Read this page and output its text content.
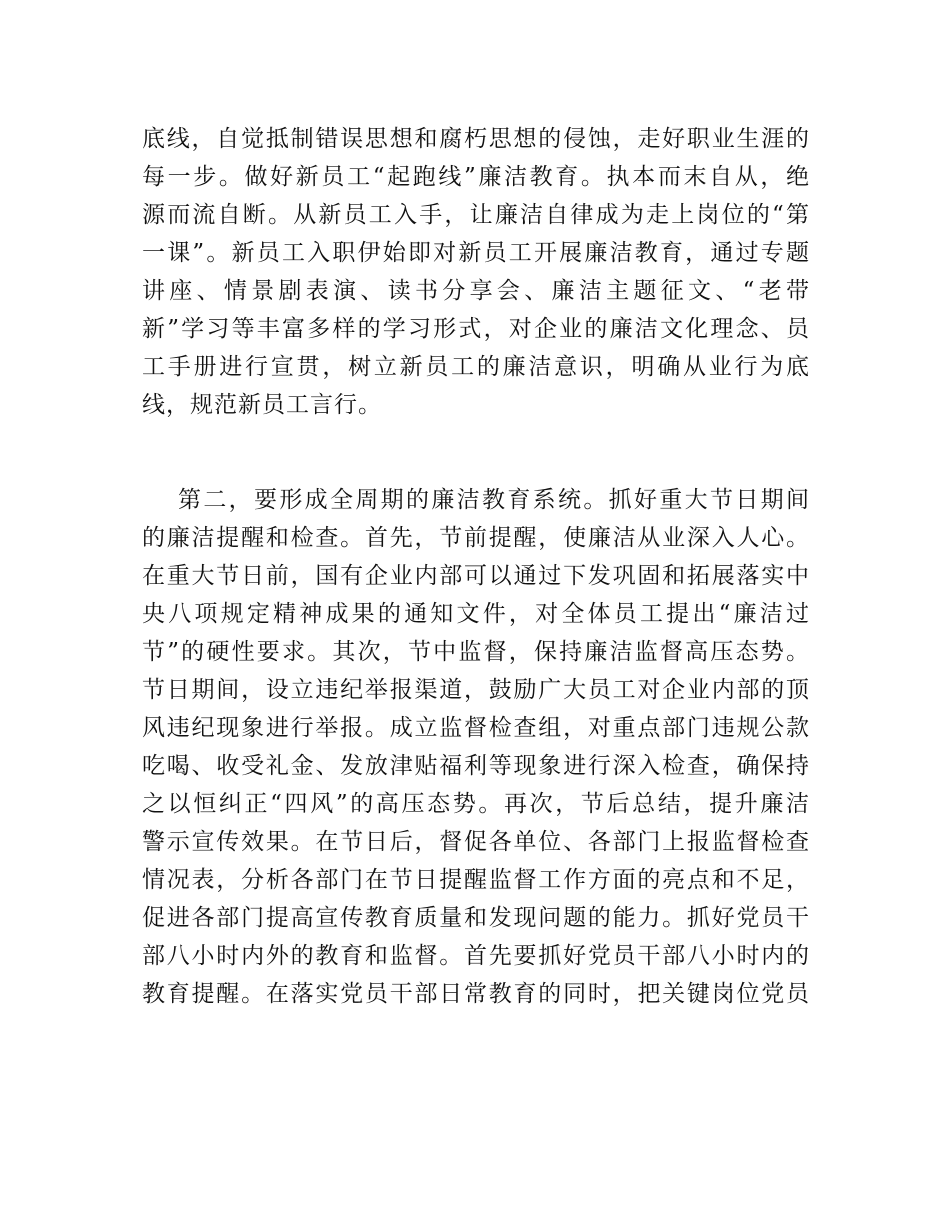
底线，自觉抵制错误思想和腐朽思想的侵蚀，走好职业生涯的
每一步。做好新员工“起跑线”廉洁教育。执本而末自从，绝
源而流自断。从新员工入手，让廉洁自律成为走上岗位的“第
一课”。新员工入职伊始即对新员工开展廉洁教育，通过专题
讲座、情景剧表演、读书分享会、廉洁主题征文、“老带
新”学习等丰富多样的学习形式，对企业的廉洁文化理念、员
工手册进行宣贯，树立新员工的廉洁意识，明确从业行为底
线，规范新员工言行。
第二，要形成全周期的廉洁教育系统。抓好重大节日期间
的廉洁提醒和检查。首先，节前提醒，使廉洁从业深入人心。
在重大节日前，国有企业内部可以通过下发巩固和拓展落实中
央八项规定精神成果的通知文件，对全体员工提出“廉洁过
节”的硬性要求。其次，节中监督，保持廉洁监督高压态势。
节日期间，设立违纪举报渠道，鼓励广大员工对企业内部的顶
风违纪现象进行举报。成立监督检查组，对重点部门违规公款
吃喝、收受礼金、发放津贴福利等现象进行深入检查，确保持
之以恒纠正“四风”的高压态势。再次，节后总结，提升廉洁
警示宣传效果。在节日后，督促各单位、各部门上报监督检查
情况表，分析各部门在节日提醒监督工作方面的亮点和不足，
促进各部门提高宣传教育质量和发现问题的能力。抓好党员干
部八小时内外的教育和监督。首先要抓好党员干部八小时内的
教育提醒。在落实党员干部日常教育的同时，把关键岗位党员
